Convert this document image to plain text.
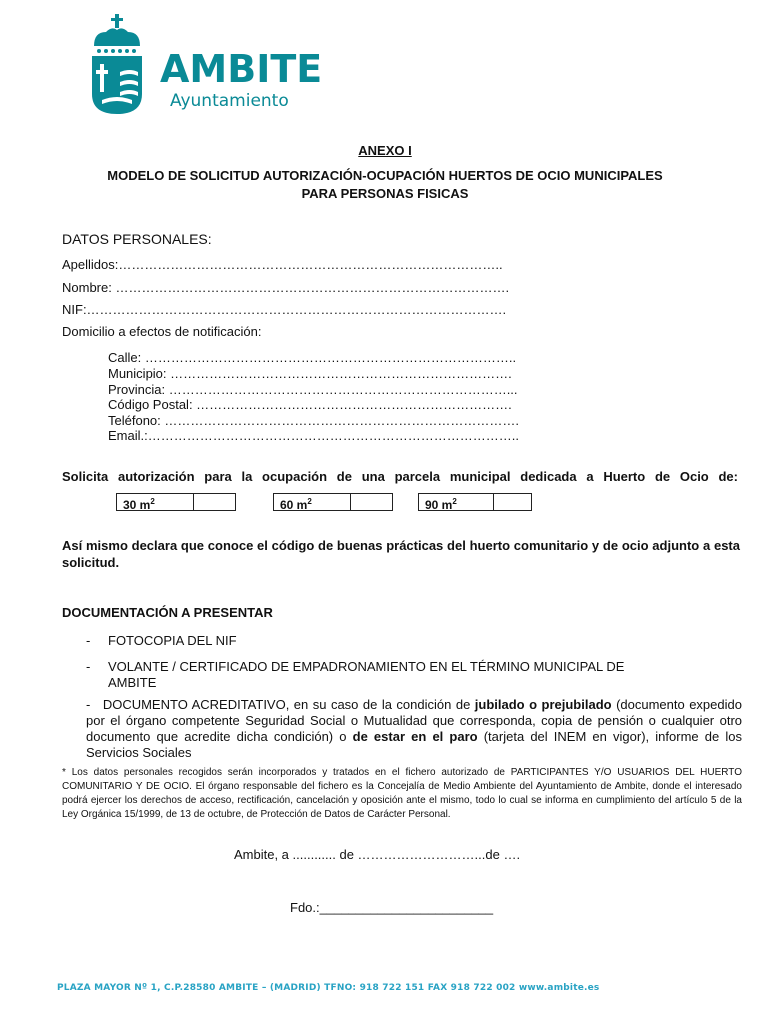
AMBITE
Ayuntamiento
ANEXO I
MODELO DE SOLICITUD AUTORIZACIÓN-OCUPACIÓN HUERTOS DE OCIO MUNICIPALES
PARA PERSONAS FISICAS
DATOS PERSONALES:
Apellidos:……………………………………………………………………………..
Nombre: ……………………………………………………………………………….
NIF:…………………………………………………………………………………….
Domicilio a efectos de notificación:
Calle: …………………………………………………………………………..
Municipio: …………………………………………………………………….
Provincia: ……………………………………………………………………...
Código Postal: ……………………………………………………………….
Teléfono: ……………………………………………………………………….
Email.:…………………………………………………………………………..
Solicita autorización para la ocupación de una parcela municipal dedicada a Huerto de Ocio de:
30 $m^2$	60 $m^2$	90 $m^2$
Así mismo declara que conoce el código de buenas prácticas del huerto comunitario y de ocio adjunto a esta solicitud.
DOCUMENTACIÓN A PRESENTAR
- FOTOCOPIA DEL NIF
- VOLANTE / CERTIFICADO DE EMPADRONAMIENTO EN EL TÉRMINO MUNICIPAL DE
AMBITE
- DOCUMENTO ACREDITATIVO, en su caso de la condición de jubilado o prejubilado (documento expedido por el órgano competente Seguridad Social o Mutualidad que corresponda, copia de pensión o cualquier otro documento que acredite dicha condición) o de estar en el paro (tarjeta del INEM en vigor), informe de los Servicios Sociales
* Los datos personales recogidos serán incorporados y tratados en el fichero autorizado de PARTICIPANTES Y/O USUARIOS DEL HUERTO COMUNITARIO Y DE OCIO. El órgano responsable del fichero es la Concejalía de Medio Ambiente del Ayuntamiento de Ambite, donde el interesado podrá ejercer los derechos de acceso, rectificación, cancelación y oposición ante el mismo, todo lo cual se informa en cumplimiento del artículo 5 de la Ley Orgánica 15/1999, de 13 de octubre, de Protección de Datos de Carácter Personal.
Ambite, a ............ de ………………………...de ….
Fdo.:________________________
PLAZA MAYOR Nº 1, C.P.28580 AMBITE – (MADRID) TFNO: 918 722 151 FAX 918 722 002 www.ambite.es
